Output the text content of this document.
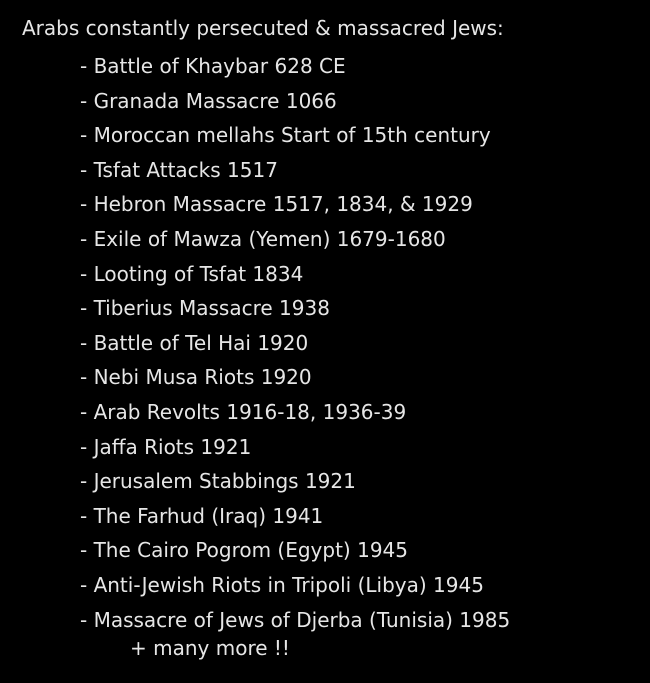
Arabs constantly persecuted & massacred Jews:
- Battle of Khaybar 628 CE
- Granada Massacre 1066
- Moroccan mellahs Start of 15th century
- Tsfat Attacks 1517
- Hebron Massacre 1517, 1834, & 1929
- Exile of Mawza (Yemen) 1679-1680
- Looting of Tsfat 1834
- Tiberius Massacre 1938
- Battle of Tel Hai 1920
- Nebi Musa Riots 1920
- Arab Revolts 1916-18, 1936-39
- Jaffa Riots 1921
- Jerusalem Stabbings 1921
- The Farhud (Iraq) 1941
- The Cairo Pogrom (Egypt) 1945
- Anti-Jewish Riots in Tripoli (Libya) 1945
- Massacre of Jews of Djerba (Tunisia) 1985
+ many more !!
